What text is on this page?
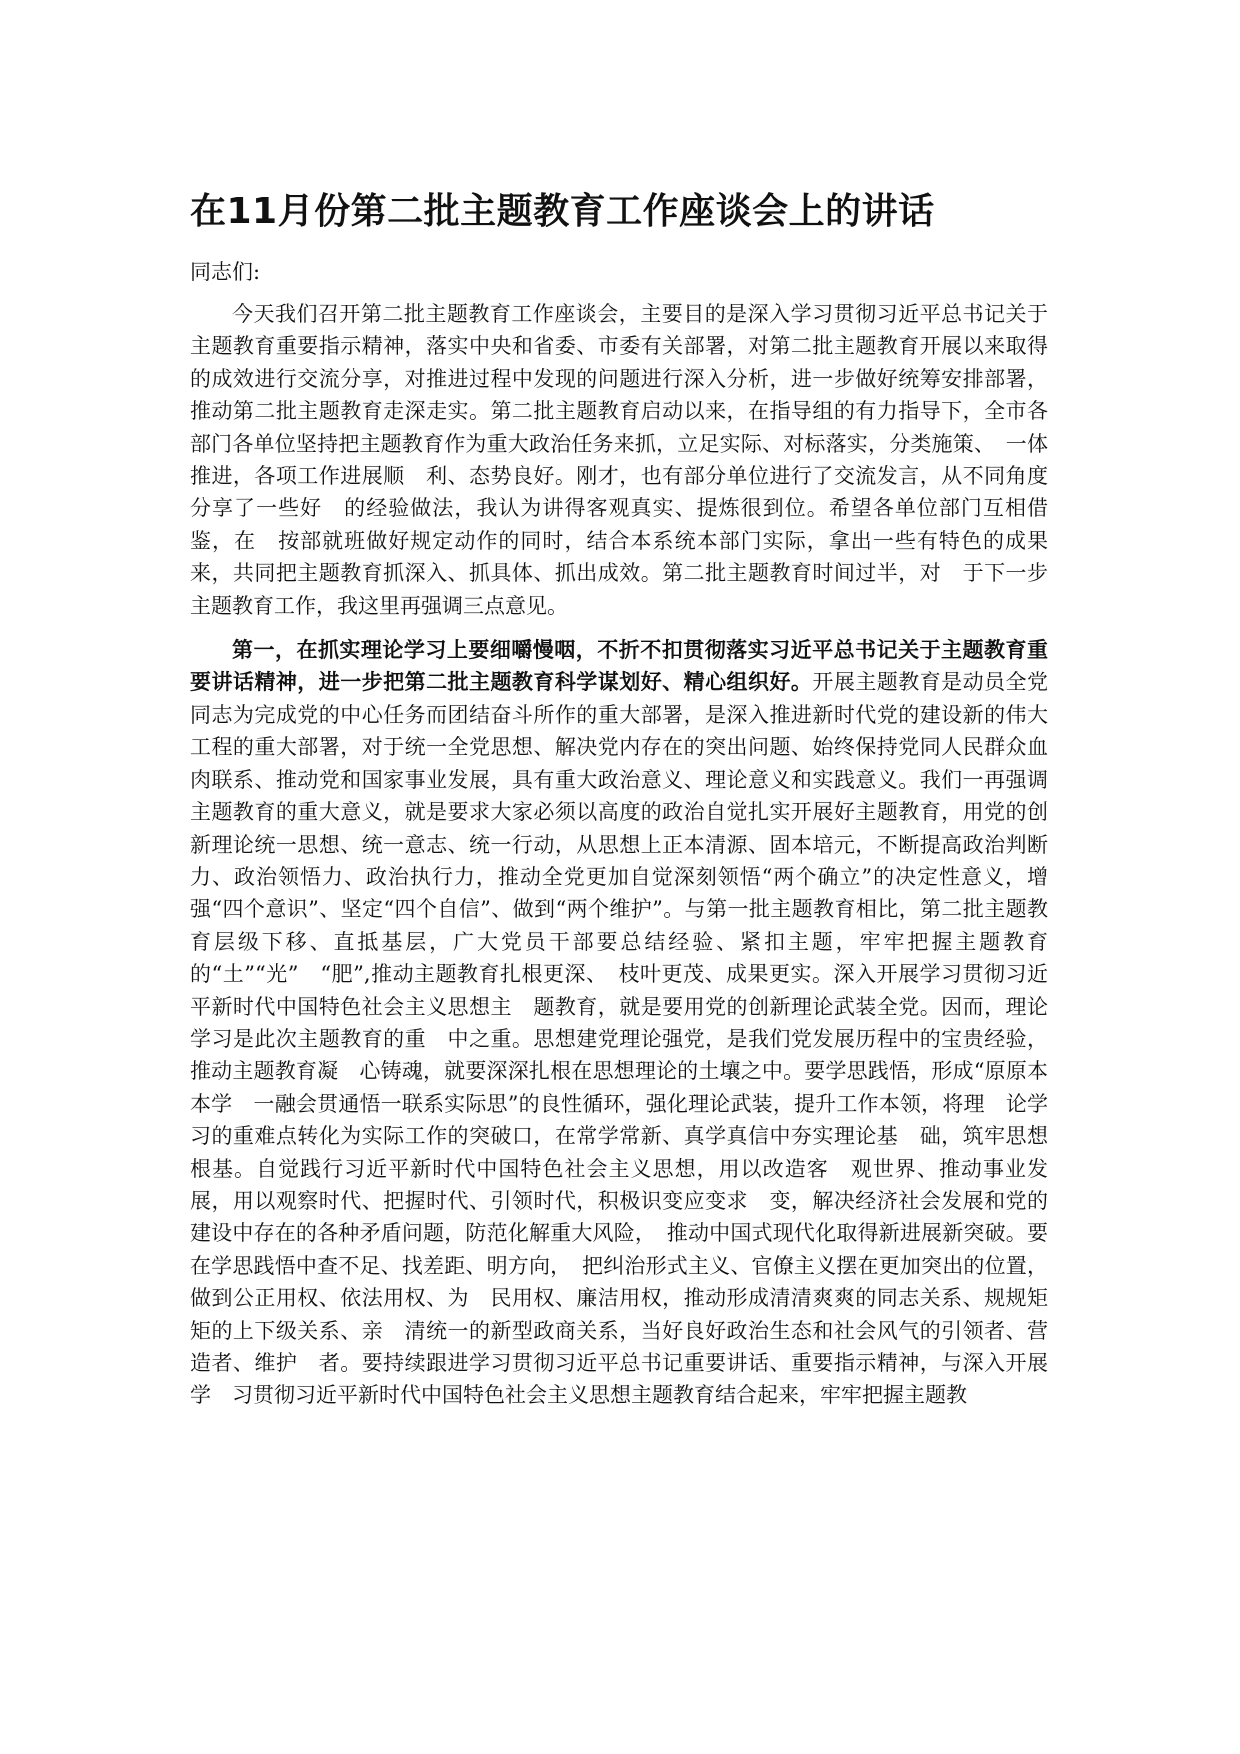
在11月份第二批主题教育工作座谈会上的讲话

同志们:

今天我们召开第二批主题教育工作座谈会，主要目的是深入学习贯彻习近平总书记关于主题教育重要指示精神，落实中央和省委、市委有关部署，对第二批主题教育开展以来取得的成效进行交流分享，对推进过程中发现的问题进行深入分析，进一步做好统筹安排部署，推动第二批主题教育走深走实。第二批主题教育启动以来，在指导组的有力指导下，全市各部门各单位坚持把主题教育作为重大政治任务来抓，立足实际、对标落实，分类施策、　一体推进，各项工作进展顺　利、态势良好。刚才，也有部分单位进行了交流发言，从不同角度分享了一些好　的经验做法，我认为讲得客观真实、提炼很到位。希望各单位部门互相借鉴，在　按部就班做好规定动作的同时，结合本系统本部门实际，拿出一些有特色的成果　来，共同把主题教育抓深入、抓具体、抓出成效。第二批主题教育时间过半，对　于下一步主题教育工作，我这里再强调三点意见。

第一，在抓实理论学习上要细嚼慢咽，不折不扣贯彻落实习近平总书记关于主题教育重要讲话精神，进一步把第二批主题教育科学谋划好、精心组织好。开展主题教育是动员全党同志为完成党的中心任务而团结奋斗所作的重大部署，是深入推进新时代党的建设新的伟大工程的重大部署，对于统一全党思想、解决党内存在的突出问题、始终保持党同人民群众血肉联系、推动党和国家事业发展，具有重大政治意义、理论意义和实践意义。我们一再强调主题教育的重大意义，就是要求大家必须以高度的政治自觉扎实开展好主题教育，用党的创新理论统一思想、统一意志、统一行动，从思想上正本清源、固本培元，不断提高政治判断力、政治领悟力、政治执行力，推动全党更加自觉深刻领悟“两个确立”的决定性意义，增强“四个意识”、坚定“四个自信”、做到“两个维护”。与第一批主题教育相比，第二批主题教育层级下移、直抵基层，广大党员干部要总结经验、紧扣主题，牢牢把握主题教育的“土”“光”　“肥”,推动主题教育扎根更深、　枝叶更茂、成果更实。深入开展学习贯彻习近平新时代中国特色社会主义思想主　题教育，就是要用党的创新理论武装全党。因而，理论学习是此次主题教育的重　中之重。思想建党理论强党，是我们党发展历程中的宝贵经验，推动主题教育凝　心铸魂，就要深深扎根在思想理论的土壤之中。要学思践悟，形成“原原本本学　一融会贯通悟一联系实际思”的良性循环，强化理论武装，提升工作本领，将理　论学习的重难点转化为实际工作的突破口，在常学常新、真学真信中夯实理论基　础，筑牢思想根基。自觉践行习近平新时代中国特色社会主义思想，用以改造客　观世界、推动事业发展，用以观察时代、把握时代、引领时代，积极识变应变求　变，解决经济社会发展和党的建设中存在的各种矛盾问题，防范化解重大风险，　推动中国式现代化取得新进展新突破。要在学思践悟中查不足、找差距、明方向，　把纠治形式主义、官僚主义摆在更加突出的位置，做到公正用权、依法用权、为　民用权、廉洁用权，推动形成清清爽爽的同志关系、规规矩矩的上下级关系、亲　清统一的新型政商关系，当好良好政治生态和社会风气的引领者、营造者、维护　者。要持续跟进学习贯彻习近平总书记重要讲话、重要指示精神，与深入开展学　习贯彻习近平新时代中国特色社会主义思想主题教育结合起来，牢牢把握主题教
